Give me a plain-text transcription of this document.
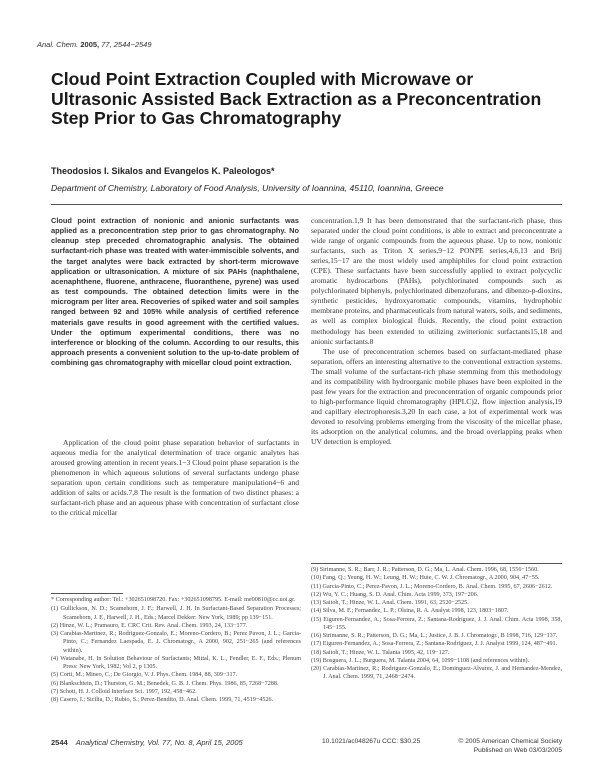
Anal. Chem. 2005, 77, 2544−2549
Cloud Point Extraction Coupled with Microwave or Ultrasonic Assisted Back Extraction as a Preconcentration Step Prior to Gas Chromatography
Theodosios I. Sikalos and Evangelos K. Paleologos*
Department of Chemistry, Laboratory of Food Analysis, University of Ioannina, 45110, Ioannina, Greece

Cloud point extraction of nonionic and anionic surfactants was applied as a preconcentration step prior to gas chromatography. No cleanup step preceded chromatographic analysis. The obtained surfactant-rich phase was treated with water-immiscible solvents, and the target analytes were back extracted by short-term microwave application or ultrasonication. A mixture of six PAHs (naphthalene, acenaphthene, fluorene, anthracene, fluoranthene, pyrene) was used as test compounds. The obtained detection limits were in the microgram per liter area. Recoveries of spiked water and soil samples ranged between 92 and 105% while analysis of certified reference materials gave results in good agreement with the certified values. Under the optimum experimental conditions, there was no interference or blocking of the column. According to our results, this approach presents a convenient solution to the up-to-date problem of combining gas chromatography with micellar cloud point extraction.

Application of the cloud point phase separation behavior of surfactants in aqueous media for the analytical determination of trace organic analytes has aroused growing attention in recent years.1−3 Cloud point phase separation is the phenomenon in which aqueous solutions of several surfactants undergo phase separation upon certain conditions such as temperature manipulation4−6 and addition of salts or acids.7,8 The result is the formation of two distinct phases: a surfactant-rich phase and an aqueous phase with concentration of surfactant close to the critical micellar

* Corresponding author: Tel.: +302651098720. Fax: +302651098795. E-mail: me00810@cc.uoi.gr.

(1) Gullickson, N. D.; Scamehorn, J. F.; Harwell, J. H. In Surfactant-Based Separation Processes; Scamehorn, J. F., Harwell, J. H., Eds.; Marcel Dekker: New York, 1989; pp 139−151.

(2) Hinze, W. L.; Pramauro, E. CRC Crit. Rev. Anal. Chem. 1993, 24, 133−177.

(3) Carabias-Martinez, R.; Rodriguez-Gonzalo, E.; Moreno-Cordero, B.; Perez Pavon, J. L.; Garcia-Pinto, C.; Fernandez Laespada, E. J. Chromatogr., A 2000, 902, 251−265 (and references within).

(4) Watanabe, H. In Solution Behaviour of Surfactants; Mittal, K. L., Fendler, E. F., Eds.; Plenum Press: New York, 1982; Vol 2, p 1305.

(5) Corti, M.; Mineo, C.; De Giorgio, V. J. Phys. Chem. 1984, 88, 309−317.

(6) Blankschtein, D.; Thurston, G. M.; Benedek, G. B. J. Chem. Phys. 1986, 85, 7268−7288.

(7) Schott, H. J. Colloid Interface Sci. 1997, 192, 458−462.

(8) Casero, I.; Sicilia, D.; Rubio, S.; Perez-Bendito, D. Anal. Chem. 1999, 71, 4519−4526.

concentration.1,9 It has been demonstrated that the surfactant-rich phase, thus separated under the cloud point conditions, is able to extract and preconcentrate a wide range of organic compounds from the aqueous phase. Up to now, nonionic surfactants, such as Triton X series,9−12 PONPE series,4,6,13 and Brij series,15−17 are the most widely used amphiphiles for cloud point extraction (CPE). These surfactants have been successfully applied to extract polycyclic aromatic hydrocarbons (PAHs), polychlorinated compounds such as polychlorinated biphenyls, polychlorinated dibenzofurans, and dibenzo-p-dioxins, synthetic pesticides, hydroxyaromatic compounds, vitamins, hydrophobic membrane proteins, and pharmaceuticals from natural waters, soils, and sediments, as well as complex biological fluids. Recently, the cloud point extraction methodology has been extended to utilizing zwitterionic surfactants15,18 and anionic surfactants.8

The use of preconcentration schemes based on surfactant-mediated phase separation, offers an interesting alternative to the conventional extraction systems. The small volume of the surfactant-rich phase stemming from this methodology and its compatibility with hydroorganic mobile phases have been exploited in the past few years for the extraction and preconcentration of organic compounds prior to high-performance liquid chromatography (HPLC)2, flow injection analysis,19 and capillary electrophoresis.3,20 In each case, a lot of experimental work was devoted to resolving problems emerging from the viscosity of the micellar phase, its adsorption on the analytical columns, and the broad overlapping peaks when UV detection is employed.

(9) Sirimanne, S. R.; Barr, J. R.; Patterson, D. G.; Ma, L. Anal. Chem. 1996, 68, 1556−1560.

(10) Fang, Q.; Yeung, H. W.; Leung, H. W.; Huie, C. W. J. Chromatogr., A 2000, 904, 47−55.

(11) Garcia-Pinto, C.; Perez-Pavon, J. L.; Moreno-Cordero, B. Anal. Chem. 1995, 67, 2606−2612.

(12) Wu, Y. C.; Huang, S. D. Anal. Chim. Acta 1999, 373, 197−206.

(13) Saitoh, T.; Hinze, W. L. Anal. Chem. 1991, 63, 2520−2525.

(14) Silva, M. F.; Fernandez, L. P.; Olsina, R. A. Analyst 1998, 123, 1803−1807.

(15) Eiguren-Fernandez, A.; Sosa-Ferrera, Z.; Santana-Rodriguez, J. J. Anal. Chim. Acta 1998, 358, 145−155.

(16) Sirimanne, S. R.; Patterson, D. G.; Ma, L.; Justice, J. B. J. Chromatogr., B 1998, 716, 129−137.

(17) Eiguren-Fernandez, A.; Sosa-Ferrera, Z.; Santana-Rodriguez, J. J. Analyst 1999, 124, 487−491.

(18) Saitoh, T.; Hinze, W. L. Talanta 1995, 42, 119−127.

(19) Bosguera, J. L.; Burguera, M. Talanta 2004, 64, 1099−1108 (and references within).

(20) Carabias-Martinez, R.; Rodriguez-Gonzalo, E.; Dominguez-Alvarez, J. and Hernandez-Mendez, J. Anal. Chem. 1999, 71, 2468−2474.

2544 Analytical Chemistry, Vol. 77, No. 8, April 15, 2005	10.1021/ac048267u CCC: $30.25	© 2005 American Chemical Society
Published on Web 03/03/2005
